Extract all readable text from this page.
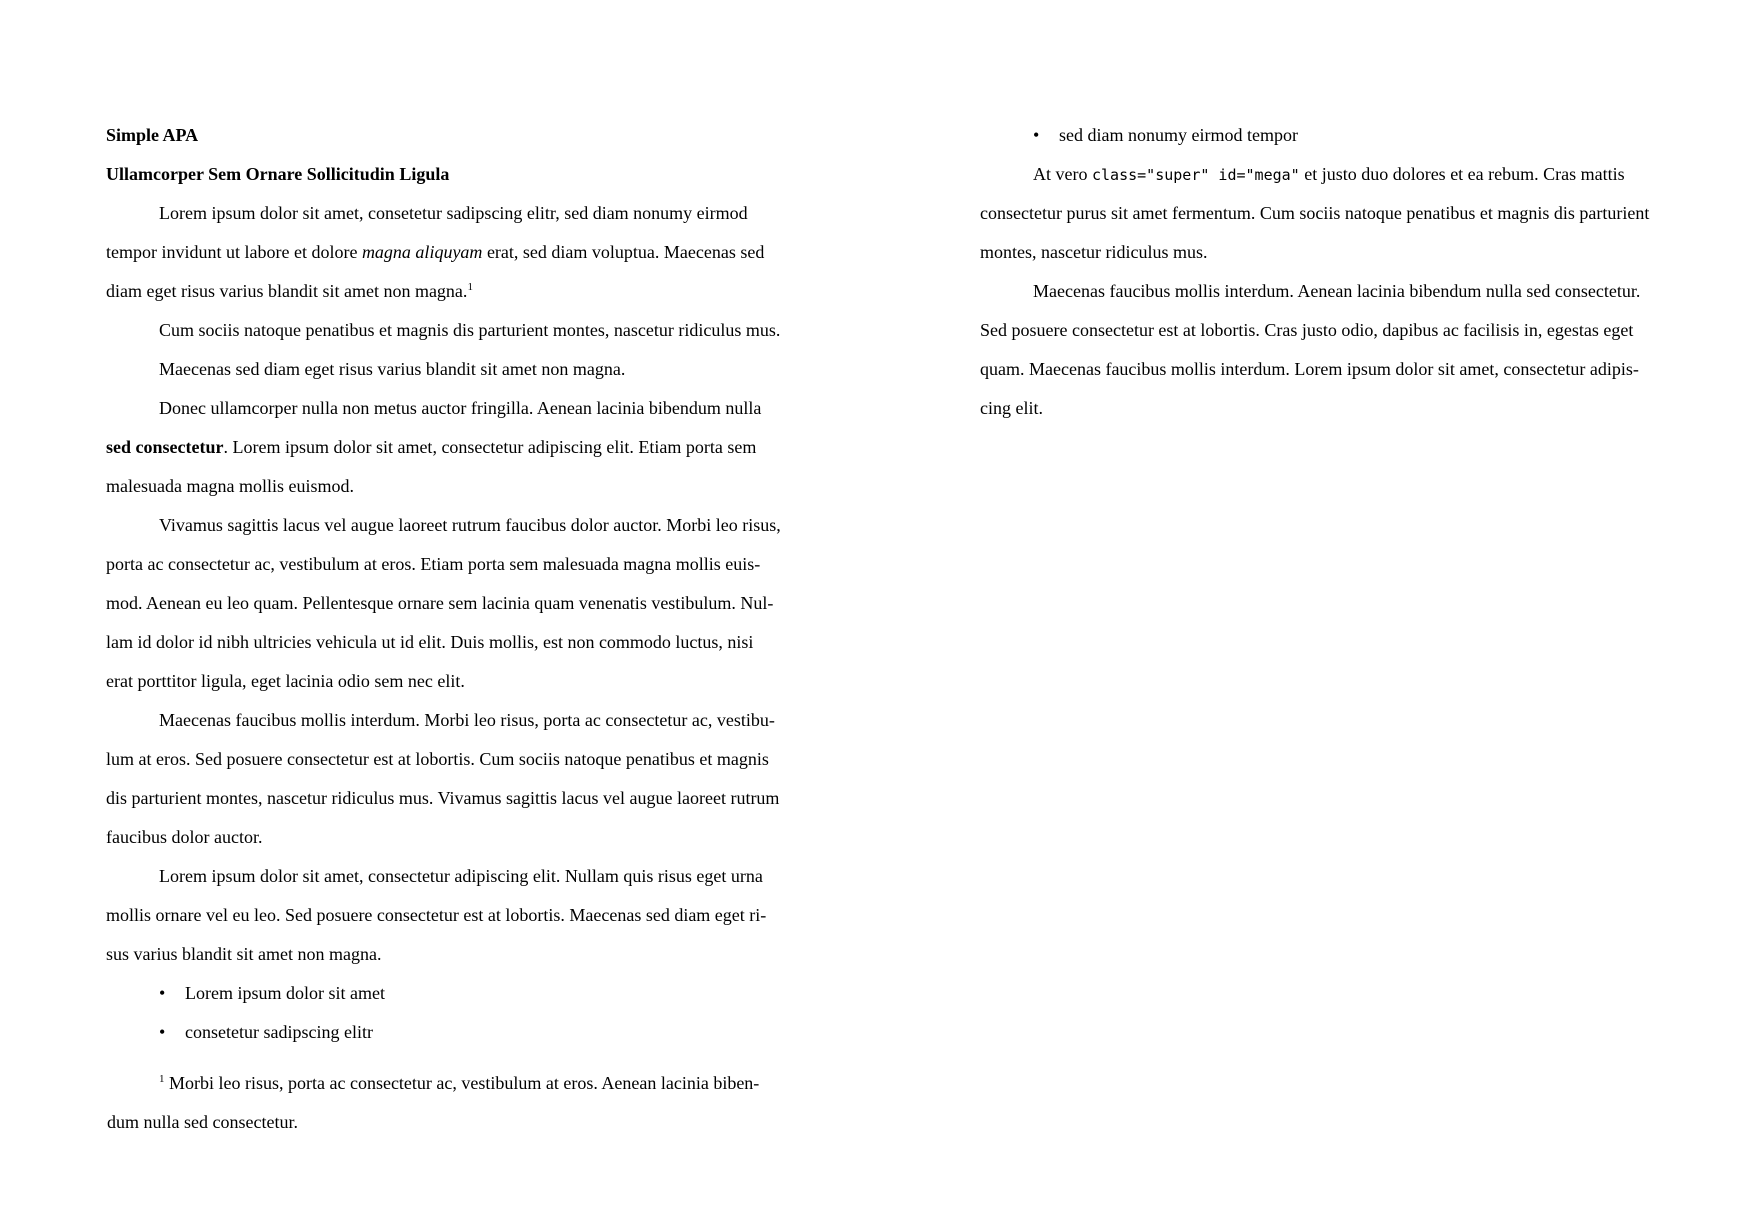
Simple APA
Ullamcorper Sem Ornare Sollicitudin Ligula
Lorem ipsum dolor sit amet, consetetur sadipscing elitr, sed diam nonumy eirmod
tempor invidunt ut labore et dolore magna aliquyam erat, sed diam voluptua. Maecenas sed
diam eget risus varius blandit sit amet non magna.$^1$
Cum sociis natoque penatibus et magnis dis parturient montes, nascetur ridiculus mus.
Maecenas sed diam eget risus varius blandit sit amet non magna.
Donec ullamcorper nulla non metus auctor fringilla. Aenean lacinia bibendum nulla
sed consectetur. Lorem ipsum dolor sit amet, consectetur adipiscing elit. Etiam porta sem
malesuada magna mollis euismod.
Vivamus sagittis lacus vel augue laoreet rutrum faucibus dolor auctor. Morbi leo risus,
porta ac consectetur ac, vestibulum at eros. Etiam porta sem malesuada magna mollis euis-
mod. Aenean eu leo quam. Pellentesque ornare sem lacinia quam venenatis vestibulum. Nul-
lam id dolor id nibh ultricies vehicula ut id elit. Duis mollis, est non commodo luctus, nisi
erat porttitor ligula, eget lacinia odio sem nec elit.
Maecenas faucibus mollis interdum. Morbi leo risus, porta ac consectetur ac, vestibu-
lum at eros. Sed posuere consectetur est at lobortis. Cum sociis natoque penatibus et magnis
dis parturient montes, nascetur ridiculus mus. Vivamus sagittis lacus vel augue laoreet rutrum
faucibus dolor auctor.
Lorem ipsum dolor sit amet, consectetur adipiscing elit. Nullam quis risus eget urna
mollis ornare vel eu leo. Sed posuere consectetur est at lobortis. Maecenas sed diam eget ri-
sus varius blandit sit amet non magna.
• Lorem ipsum dolor sit amet
• consetetur sadipscing elitr
$^1$ Morbi leo risus, porta ac consectetur ac, vestibulum at eros. Aenean lacinia biben-
dum nulla sed consectetur.
• sed diam nonumy eirmod tempor
At vero class="super" id="mega" et justo duo dolores et ea rebum. Cras mattis
consectetur purus sit amet fermentum. Cum sociis natoque penatibus et magnis dis parturient
montes, nascetur ridiculus mus.
Maecenas faucibus mollis interdum. Aenean lacinia bibendum nulla sed consectetur.
Sed posuere consectetur est at lobortis. Cras justo odio, dapibus ac facilisis in, egestas eget
quam. Maecenas faucibus mollis interdum. Lorem ipsum dolor sit amet, consectetur adipis-
cing elit.
